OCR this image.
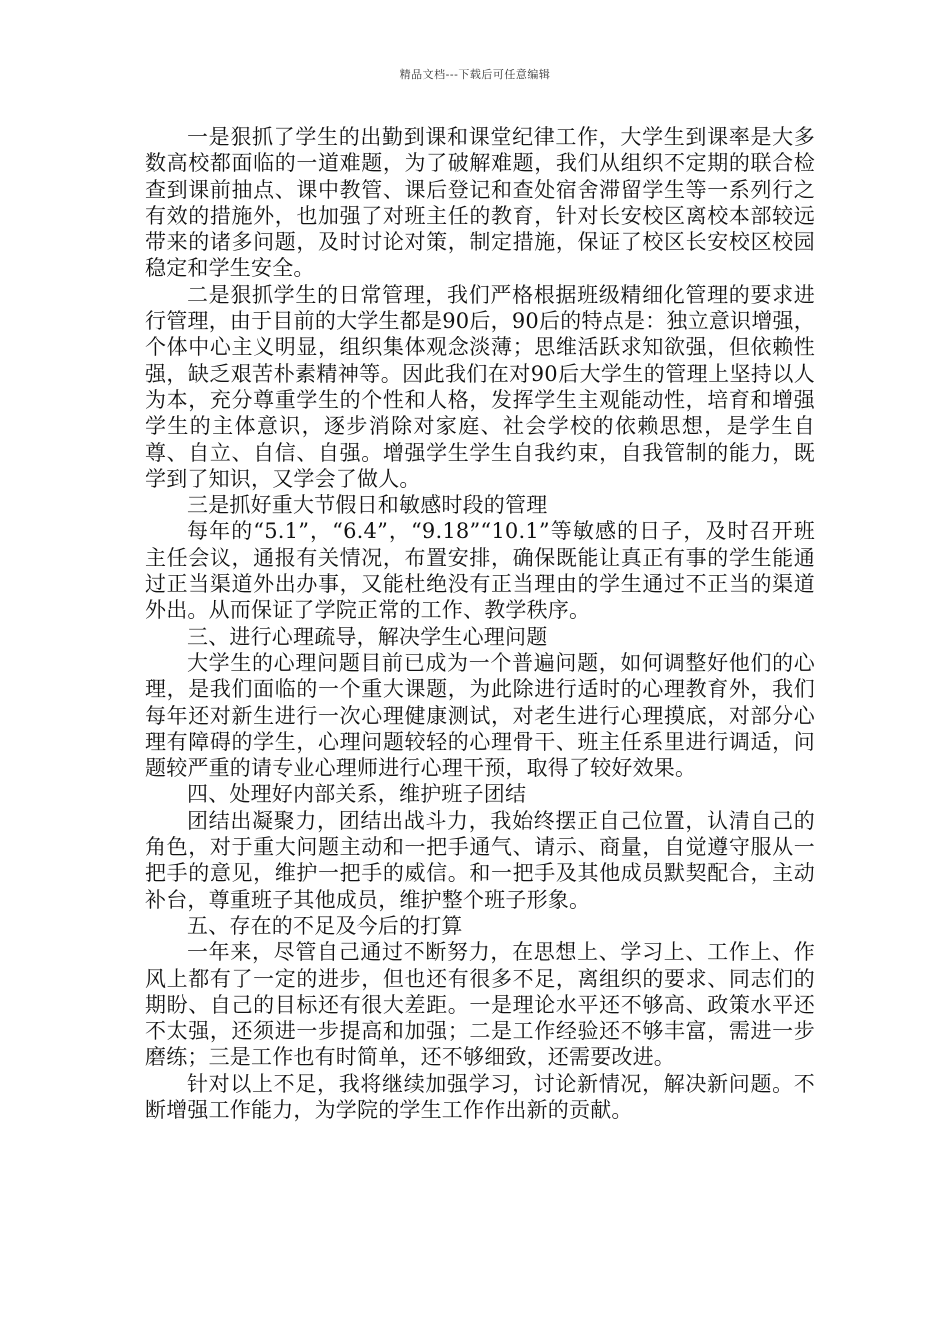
精品文档---下载后可任意编辑

一是狠抓了学生的出勤到课和课堂纪律工作，大学生到课率是大多数高校都面临的一道难题，为了破解难题，我们从组织不定期的联合检查到课前抽点、课中教管、课后登记和查处宿舍滞留学生等一系列行之有效的措施外，也加强了对班主任的教育，针对长安校区离校本部较远带来的诸多问题，及时讨论对策，制定措施，保证了校区长安校区校园稳定和学生安全。

二是狠抓学生的日常管理，我们严格根据班级精细化管理的要求进行管理，由于目前的大学生都是90后，90后的特点是：独立意识增强，个体中心主义明显，组织集体观念淡薄；思维活跃求知欲强，但依赖性强，缺乏艰苦朴素精神等。因此我们在对90后大学生的管理上坚持以人为本，充分尊重学生的个性和人格，发挥学生主观能动性，培育和增强学生的主体意识，逐步消除对家庭、社会学校的依赖思想，是学生自尊、自立、自信、自强。增强学生学生自我约束，自我管制的能力，既学到了知识，又学会了做人。

三是抓好重大节假日和敏感时段的管理

每年的“5.1”，“6.4”，“9.18”“10.1”等敏感的日子，及时召开班主任会议，通报有关情况，布置安排，确保既能让真正有事的学生能通过正当渠道外出办事，又能杜绝没有正当理由的学生通过不正当的渠道外出。从而保证了学院正常的工作、教学秩序。

三、进行心理疏导，解决学生心理问题

大学生的心理问题目前已成为一个普遍问题，如何调整好他们的心理，是我们面临的一个重大课题，为此除进行适时的心理教育外，我们每年还对新生进行一次心理健康测试，对老生进行心理摸底，对部分心理有障碍的学生，心理问题较轻的心理骨干、班主任系里进行调适，问题较严重的请专业心理师进行心理干预，取得了较好效果。

四、处理好内部关系，维护班子团结

团结出凝聚力，团结出战斗力，我始终摆正自己位置，认清自己的角色，对于重大问题主动和一把手通气、请示、商量，自觉遵守服从一把手的意见，维护一把手的威信。和一把手及其他成员默契配合，主动补台，尊重班子其他成员，维护整个班子形象。

五、存在的不足及今后的打算

一年来，尽管自己通过不断努力，在思想上、学习上、工作上、作风上都有了一定的进步，但也还有很多不足，离组织的要求、同志们的期盼、自己的目标还有很大差距。一是理论水平还不够高、政策水平还不太强，还须进一步提高和加强；二是工作经验还不够丰富，需进一步磨练；三是工作也有时简单，还不够细致，还需要改进。

针对以上不足，我将继续加强学习，讨论新情况，解决新问题。不断增强工作能力，为学院的学生工作作出新的贡献。
